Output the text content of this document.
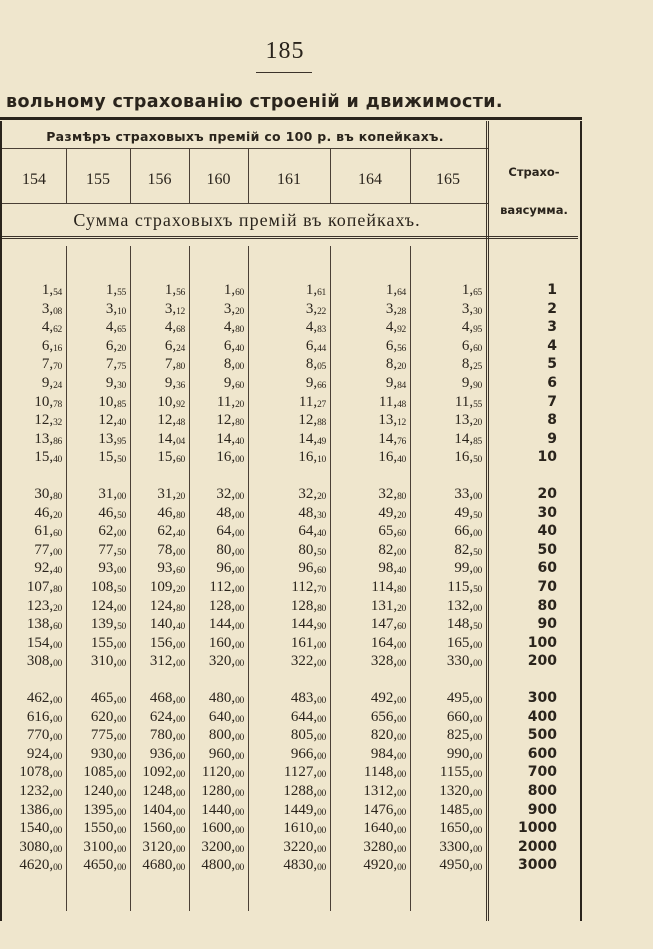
185
вольному страхованію строеній и движимости.
Размѣръ страховыхъ премій со 100 р. въ копейкахъ.
Страхо-
ваясумма.
154	155	156	160	161	164	165
Сумма страховыхъ премій въ копейкахъ.
1,54	1,55	1,56	1,60	1,61	1,64	1,65	1
3,08	3,10	3,12	3,20	3,22	3,28	3,30	2
4,62	4,65	4,68	4,80	4,83	4,92	4,95	3
6,16	6,20	6,24	6,40	6,44	6,56	6,60	4
7,70	7,75	7,80	8,00	8,05	8,20	8,25	5
9,24	9,30	9,36	9,60	9,66	9,84	9,90	6
10,78	10,85	10,92	11,20	11,27	11,48	11,55	7
12,32	12,40	12,48	12,80	12,88	13,12	13,20	8
13,86	13,95	14,04	14,40	14,49	14,76	14,85	9
15,40	15,50	15,60	16,00	16,10	16,40	16,50	10
30,80	31,00	31,20	32,00	32,20	32,80	33,00	20
46,20	46,50	46,80	48,00	48,30	49,20	49,50	30
61,60	62,00	62,40	64,00	64,40	65,60	66,00	40
77,00	77,50	78,00	80,00	80,50	82,00	82,50	50
92,40	93,00	93,60	96,00	96,60	98,40	99,00	60
107,80	108,50	109,20	112,00	112,70	114,80	115,50	70
123,20	124,00	124,80	128,00	128,80	131,20	132,00	80
138,60	139,50	140,40	144,00	144,90	147,60	148,50	90
154,00	155,00	156,00	160,00	161,00	164,00	165,00	100
308,00	310,00	312,00	320,00	322,00	328,00	330,00	200
462,00	465,00	468,00	480,00	483,00	492,00	495,00	300
616,00	620,00	624,00	640,00	644,00	656,00	660,00	400
770,00	775,00	780,00	800,00	805,00	820,00	825,00	500
924,00	930,00	936,00	960,00	966,00	984,00	990,00	600
1078,00	1085,00	1092,00	1120,00	1127,00	1148,00	1155,00	700
1232,00	1240,00	1248,00	1280,00	1288,00	1312,00	1320,00	800
1386,00	1395,00	1404,00	1440,00	1449,00	1476,00	1485,00	900
1540,00	1550,00	1560,00	1600,00	1610,00	1640,00	1650,00	1000
3080,00	3100,00	3120,00	3200,00	3220,00	3280,00	3300,00	2000
4620,00	4650,00	4680,00	4800,00	4830,00	4920,00	4950,00	3000
